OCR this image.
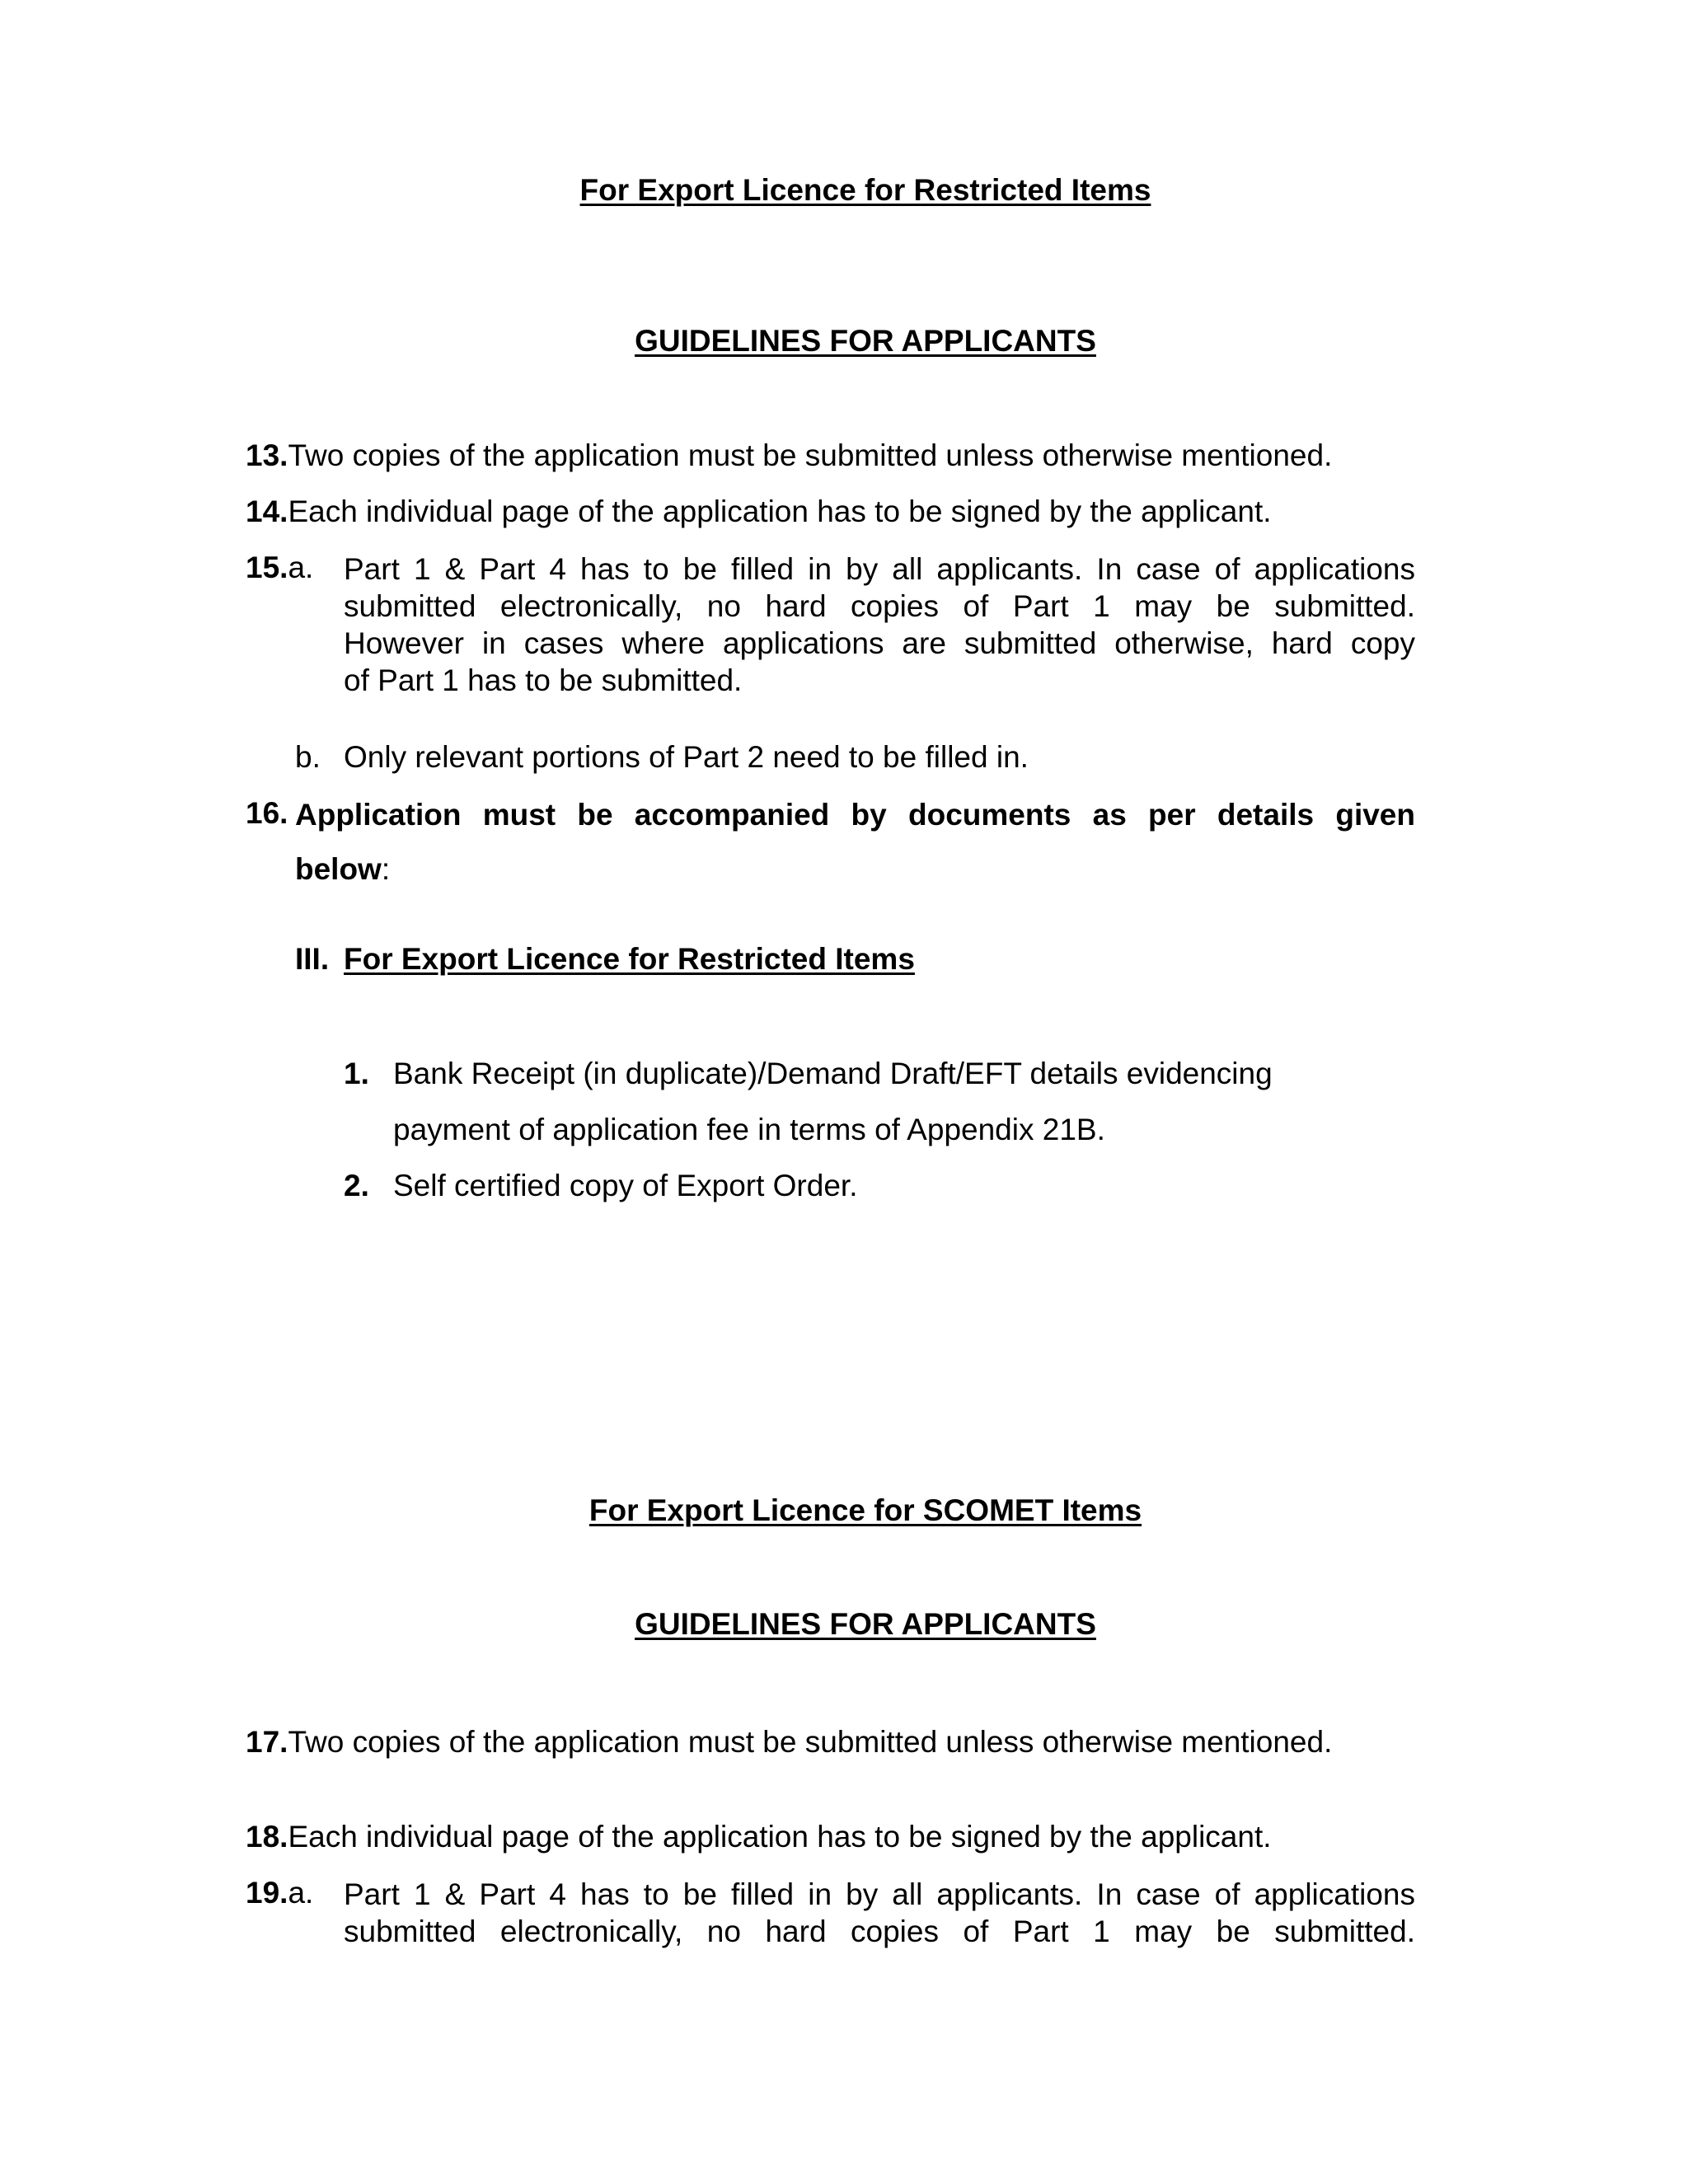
For Export Licence for Restricted Items
GUIDELINES FOR APPLICANTS
13.Two copies of the application must be submitted unless otherwise mentioned.
14.Each individual page of the application has to be signed by the applicant.
15.a. Part 1 & Part 4 has to be filled in by all applicants. In case of applications
submitted electronically, no hard copies of Part 1 may be submitted.
However in cases where applications are submitted otherwise, hard copy
of Part 1 has to be submitted.
b. Only relevant portions of Part 2 need to be filled in.
16. Application must be accompanied by documents as per details given
below:
III. For Export Licence for Restricted Items
1. Bank Receipt (in duplicate)/Demand Draft/EFT details evidencing
payment of application fee in terms of Appendix 21B.
2. Self certified copy of Export Order.
For Export Licence for SCOMET Items
GUIDELINES FOR APPLICANTS
17.Two copies of the application must be submitted unless otherwise mentioned.
18.Each individual page of the application has to be signed by the applicant.
19.a. Part 1 & Part 4 has to be filled in by all applicants. In case of applications
submitted electronically, no hard copies of Part 1 may be submitted.
